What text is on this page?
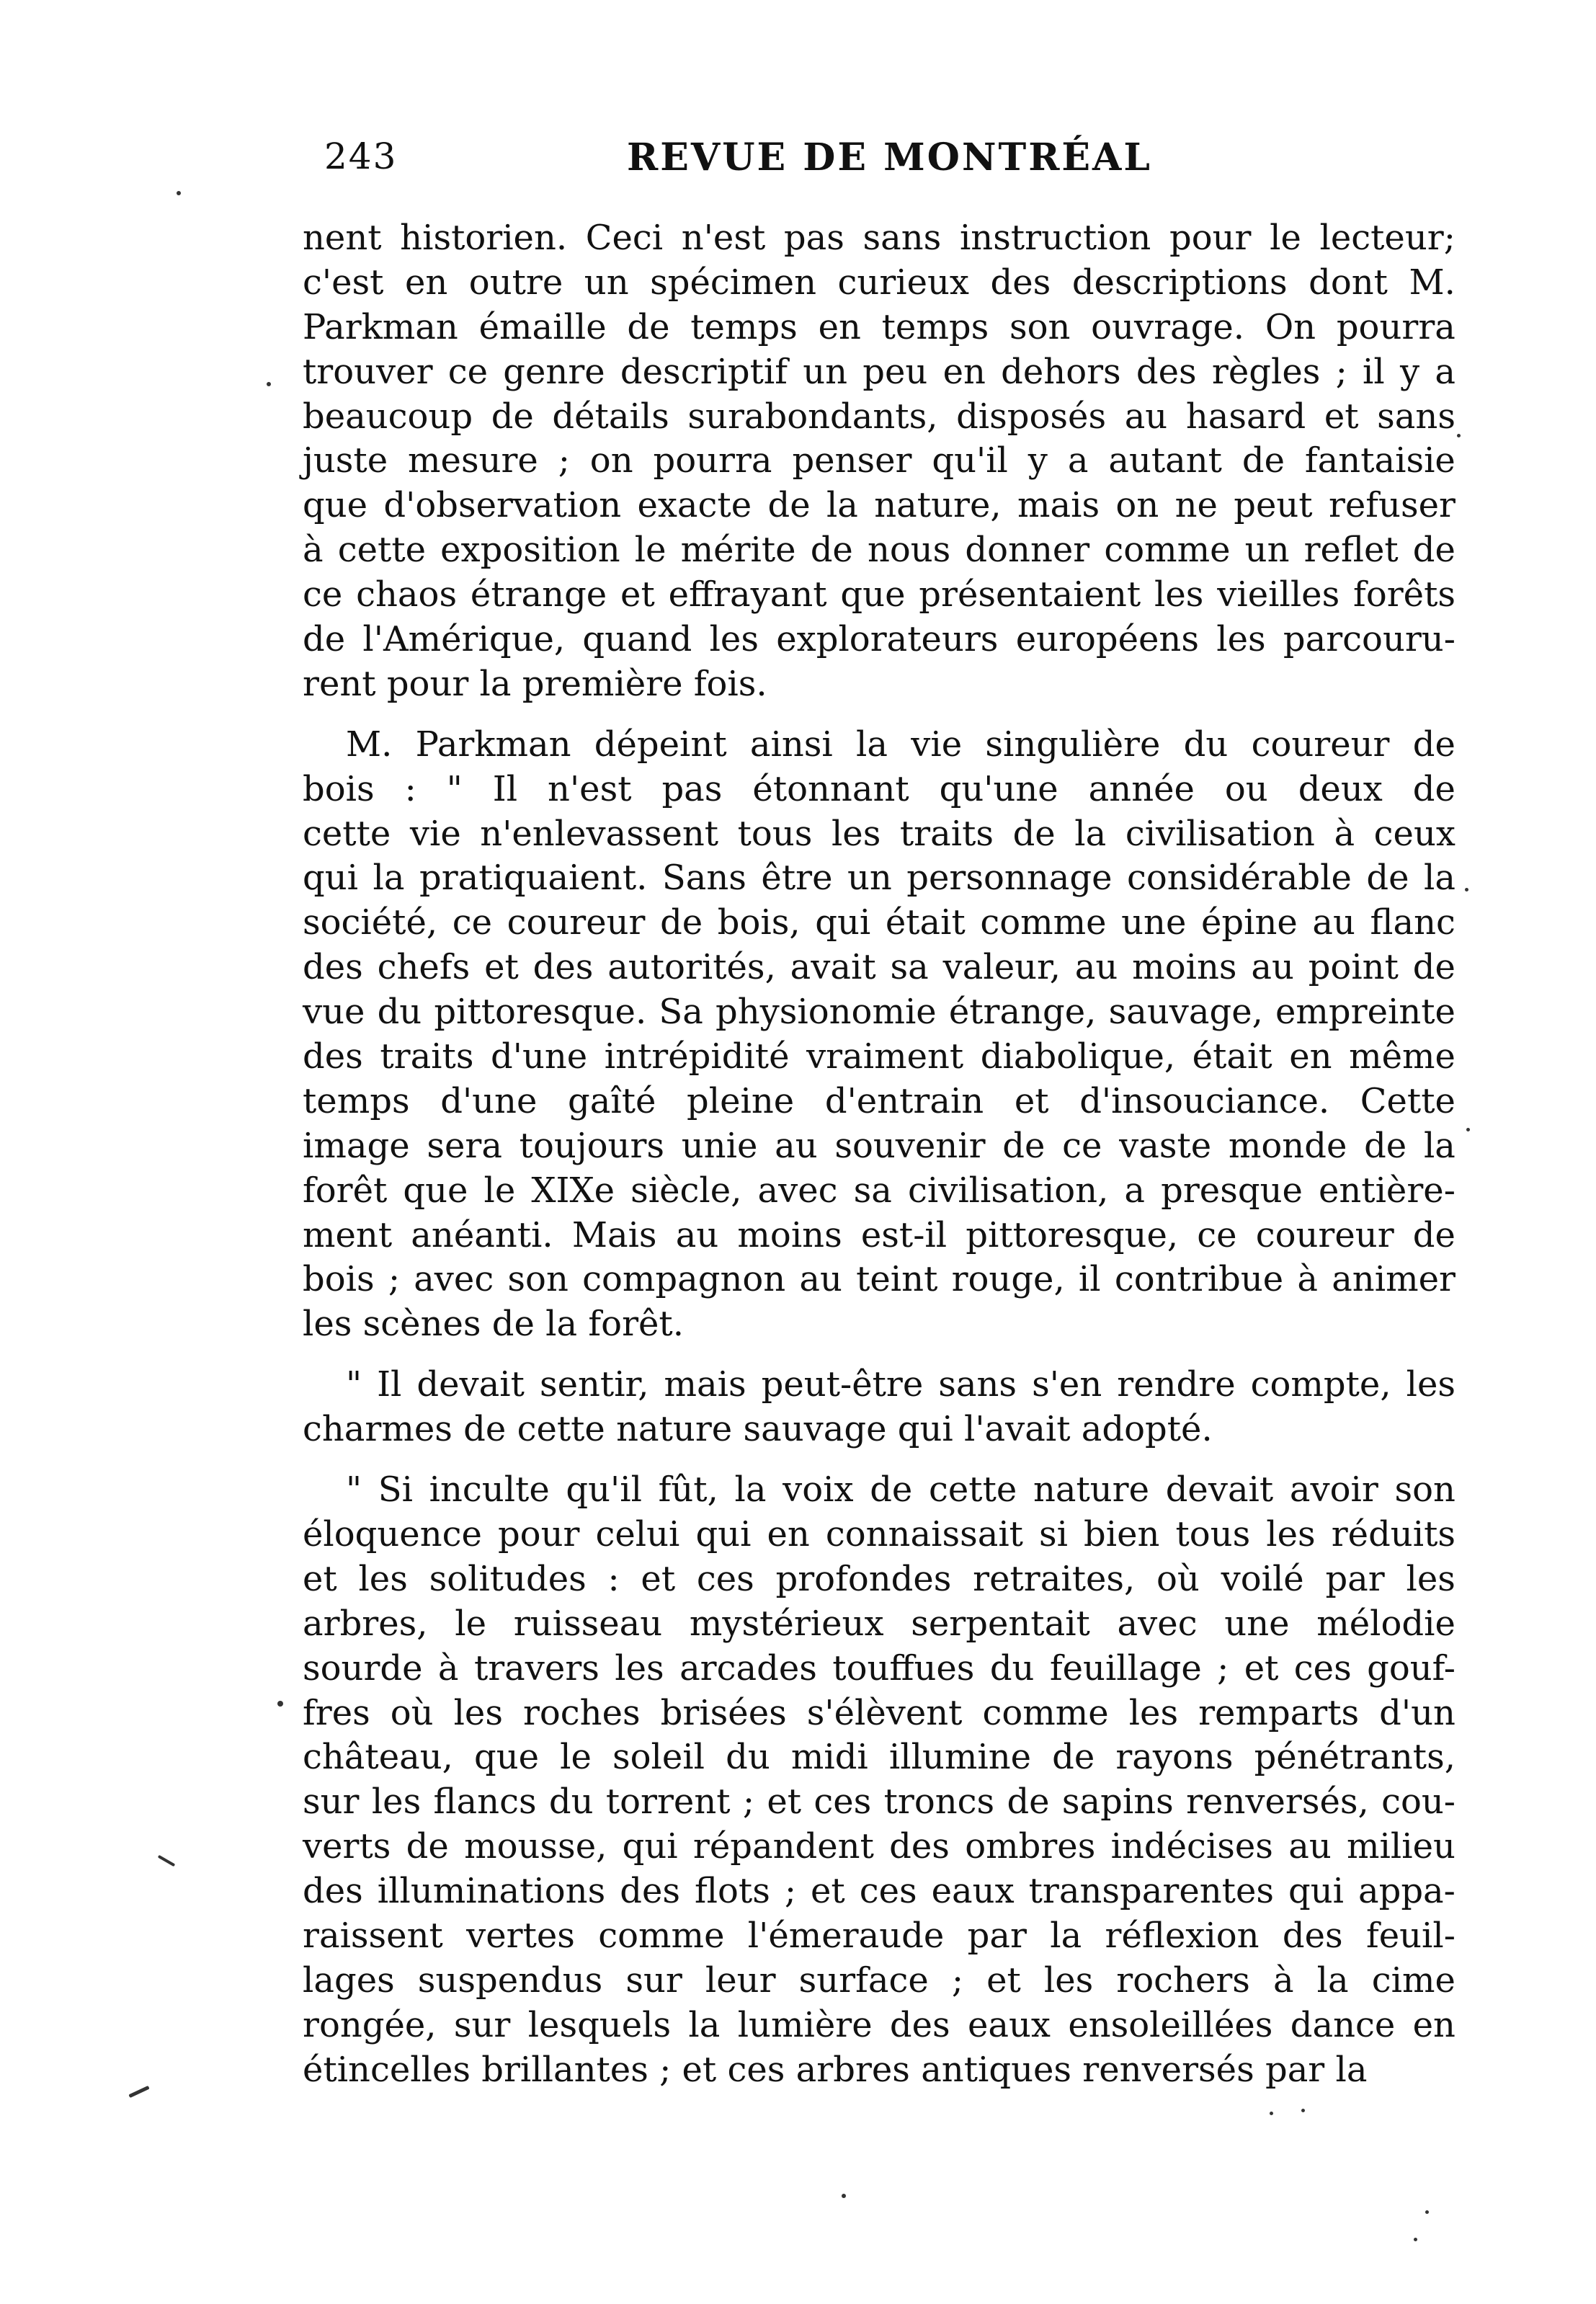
243	REVUE DE MONTRÉAL
nent historien. Ceci n'est pas sans instruction pour le lecteur;
c'est en outre un spécimen curieux des descriptions dont M.
Parkman émaille de temps en temps son ouvrage. On pourra
trouver ce genre descriptif un peu en dehors des règles ; il y a
beaucoup de détails surabondants, disposés au hasard et sans
juste mesure ; on pourra penser qu'il y a autant de fantaisie
que d'observation exacte de la nature, mais on ne peut refuser
à cette exposition le mérite de nous donner comme un reflet de
ce chaos étrange et effrayant que présentaient les vieilles forêts
de l'Amérique, quand les explorateurs européens les parcouru-
rent pour la première fois.
M. Parkman dépeint ainsi la vie singulière du coureur de
bois : " Il n'est pas étonnant qu'une année ou deux de
cette vie n'enlevassent tous les traits de la civilisation à ceux
qui la pratiquaient. Sans être un personnage considérable de la
société, ce coureur de bois, qui était comme une épine au flanc
des chefs et des autorités, avait sa valeur, au moins au point de
vue du pittoresque. Sa physionomie étrange, sauvage, empreinte
des traits d'une intrépidité vraiment diabolique, était en même
temps d'une gaîté pleine d'entrain et d'insouciance. Cette
image sera toujours unie au souvenir de ce vaste monde de la
forêt que le XIXe siècle, avec sa civilisation, a presque entière-
ment anéanti. Mais au moins est-il pittoresque, ce coureur de
bois ; avec son compagnon au teint rouge, il contribue à animer
les scènes de la forêt.
" Il devait sentir, mais peut-être sans s'en rendre compte, les
charmes de cette nature sauvage qui l'avait adopté.
" Si inculte qu'il fût, la voix de cette nature devait avoir son
éloquence pour celui qui en connaissait si bien tous les réduits
et les solitudes : et ces profondes retraites, où voilé par les
arbres, le ruisseau mystérieux serpentait avec une mélodie
sourde à travers les arcades touffues du feuillage ; et ces gouf-
fres où les roches brisées s'élèvent comme les remparts d'un
château, que le soleil du midi illumine de rayons pénétrants,
sur les flancs du torrent ; et ces troncs de sapins renversés, cou-
verts de mousse, qui répandent des ombres indécises au milieu
des illuminations des flots ; et ces eaux transparentes qui appa-
raissent vertes comme l'émeraude par la réflexion des feuil-
lages suspendus sur leur surface ; et les rochers à la cime
rongée, sur lesquels la lumière des eaux ensoleillées dance en
étincelles brillantes ; et ces arbres antiques renversés par la
